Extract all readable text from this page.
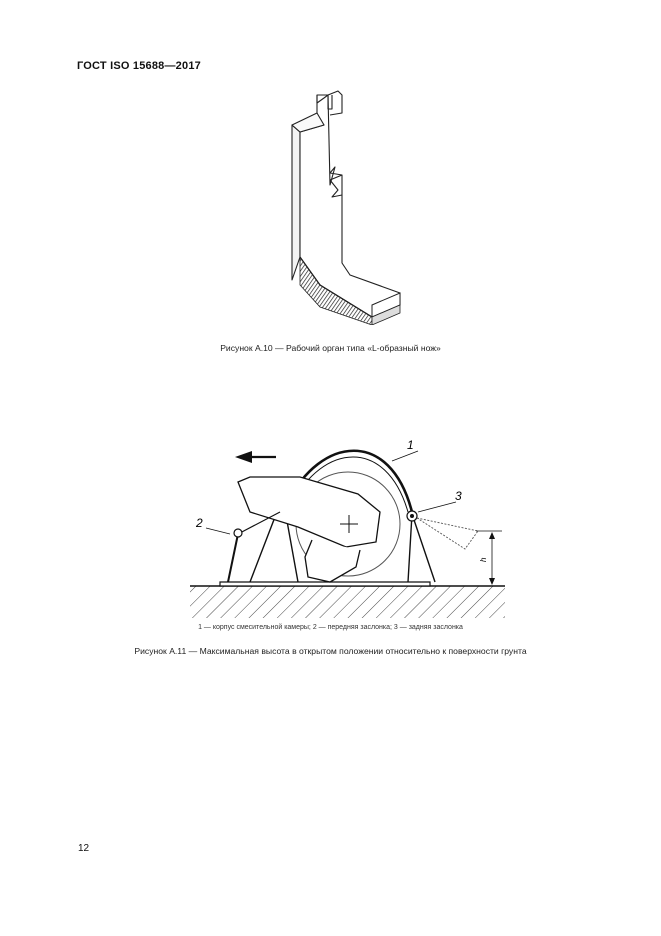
ГОСТ ISO 15688—2017
Рисунок А.10 — Рабочий орган типа «L-образный нож»
1
2
3
h
1 — корпус смесительной камеры; 2 — передняя заслонка; 3 — задняя заслонка
Рисунок А.11 — Максимальная высота в открытом положении относительно к поверхности грунта
12
